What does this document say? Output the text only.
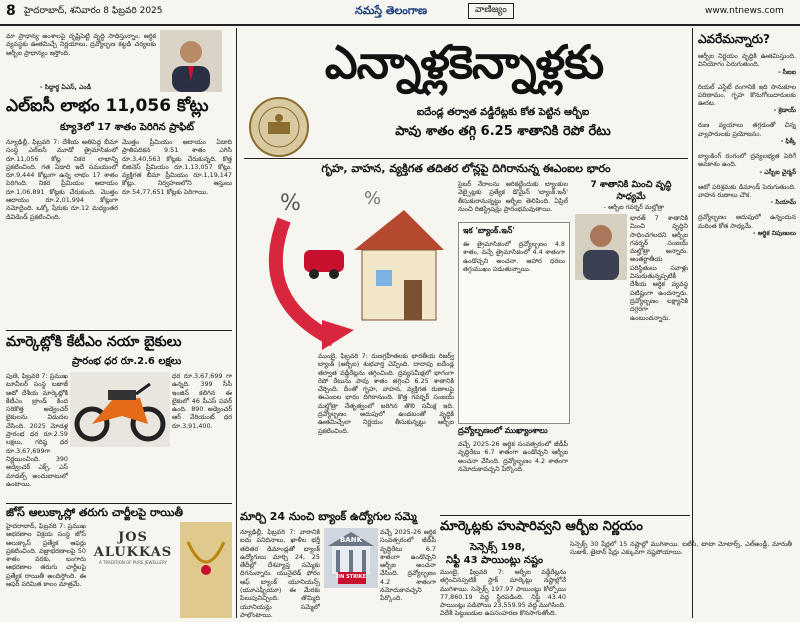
8 హైదరాబాద్, శనివారం 8 ఫిబ్రవరి 2025	నమస్తే తెలంగాణ	వాణిజ్యం	www.ntnews.com
మా ప్రాధాన్య అంశాలపై దృష్టిపెట్టి వృద్ధి సాధిస్తున్నాం. ఆర్థిక వ్యవస్థకు ఊతమిచ్చే నిర్ణయాలు, ద్రవ్యోల్బణ కట్టడి చర్యలకు ఆర్బీఐ ప్రాధాన్యం ఇస్తోంది.
- సిద్ధార్థ ఏఎస్, ఎండీ
ఎల్ఐసీ లాభం 11,056 కోట్లు
క్యూ3లో 17 శాతం పెరిగిన ప్రాఫిట్
న్యూఢిల్లీ, ఫిబ్రవరి 7: దేశీయ అతిపెద్ద బీమా సంస్థ ఎల్ఐసీ మూడో త్రైమాసికంలో రూ.11,056 కోట్ల నికర లాభాన్ని ప్రకటించింది. గత ఏడాది ఇదే సమయంలో రూ.9,444 కోట్లుగా ఉన్న లాభం 17 శాతం పెరిగింది. నికర ప్రీమియం ఆదాయం రూ.1,06,891 కోట్లకు చేరుకుంది. మొత్తం ఆదాయం రూ.2,01,994 కోట్లుగా నమోదైంది. ఒక్కో షేరుకు రూ.12 మధ్యంతర డివిడెండ్ ప్రకటించింది.
మొత్తం ప్రీమియం ఆదాయం ఏడాది ప్రాతిపదికన 9.51 శాతం ఎగిసి రూ.3,40,563 కోట్లకు చేరుకున్నది. కొత్త బిజినెస్ ప్రీమియం రూ.1,13,057 కోట్లు. వ్యక్తిగత బీమా ప్రీమియం రూ.1,19,147 కోట్లు. నిర్వహణలోని ఆస్తులు రూ.54,77,651 కోట్లకు పెరిగాయి.
మార్కెట్లోకి కేటీఎం నయా బైకులు
ప్రారంభ ధర రూ.2.6 లక్షలు
పుణె, ఫిబ్రవరి 7: ప్రముఖ టూవీలర్ సంస్థ బజాజ్ ఆటో దేశీయ మార్కెట్లోకి కేటీఎం బ్రాండ్ కింద సరికొత్త అడ్వెంచర్ బైకులను విడుదల చేసింది. 2025 మోడళ్ల ప్రారంభ ధర రూ.2.59 లక్షలు, గరిష్ఠ ధర రూ.3,67,699గా నిర్ణయించింది. 390 అడ్వెంచర్ ఎక్స్, ఎస్ మాడల్స్ అందుబాటులో ఉంటాయి.
ధర రూ.3,67,699 గా ఉన్నది. 399 సీసీ ఇంజిన్ కలిగిన ఈ బైకులో 46 పీఎస్ పవర్ ఉంది. 890 అడ్వెంచర్ ఆర్ వేరియంట్ ధర రూ.3,91,400.
జోస్ ఆలుక్కాస్లో తరుగు చార్జీలపై రాయితీ
హైదరాబాద్, ఫిబ్రవరి 7: ప్రముఖ ఆభరణాల విక్రయ సంస్థ జోస్ ఆలుక్కాస్ ప్రత్యేక ఆఫర్లు ప్రకటించింది. వజ్రాభరణాలపై 50 శాతం వరకు, బంగారు ఆభరణాల తరుగు చార్జీలపై ప్రత్యేక రాయితీ అందిస్తోంది. ఈ ఆఫర్ పరిమిత కాలం మాత్రమే.
JOS ALUKKAS
A TRADITION OF PURE JEWELLERY
ఎన్నాళ్లకెన్నాళ్లకు
ఐదేండ్ల తర్వాత వడ్డీరేట్లకు కోత పెట్టిన ఆర్బీఐ
పావు శాతం తగ్గి 6.25 శాతానికి రెపో రేటు
గృహ, వాహన, వ్యక్తిగత తదితర లోన్లపై దిగిరానున్న ఈఎంఐల భారం
%	%
సైబర్ నేరాలను అరికట్టేందుకు బ్యాంకుల వెబ్సైట్లకు ప్రత్యేక డొమైన్ 'బ్యాంక్.ఇన్' తీసుకురానున్నట్టు ఆర్బీఐ తెలిపింది. ఏప్రిల్ నుంచి రిజిస్ట్రేషన్లు ప్రారంభమవుతాయి.
ఇక 'బ్యాంక్.ఇన్'
ఈ త్రైమాసికంలో ద్రవ్యోల్బణం 4.8 శాతం, వచ్చే త్రైమాసికంలో 4.4 శాతంగా ఉండొచ్చని అంచనా. ఆహార ధరలు తగ్గుముఖం పడుతున్నాయి.
ముంబై, ఫిబ్రవరి 7: రుణగ్రహీతలకు భారతీయ రిజర్వ్ బ్యాంక్ (ఆర్బీఐ) శుభవార్త చెప్పింది. దాదాపు ఐదేండ్ల తర్వాత వడ్డీరేట్లను తగ్గించింది. ద్రవ్యసమీక్షలో భాగంగా రెపో రేటును పావు శాతం తగ్గించి 6.25 శాతానికి చేర్చింది. దీంతో గృహ, వాహన, వ్యక్తిగత రుణాలపై ఈఎంఐల భారం దిగిరానుంది. కొత్త గవర్నర్ సంజయ్ మల్హోత్రా నేతృత్వంలో జరిగిన తొలి సమీక్ష ఇది. ద్రవ్యోల్బణం అదుపులో ఉండటంతో వృద్ధికి ఊతమిచ్చేలా నిర్ణయం తీసుకున్నట్టు ఆర్బీఐ ప్రకటించింది.	ద్రవ్యోల్బణంలో ముఖ్యాంశాలు
వచ్చే 2025-26 ఆర్థిక సంవత్సరంలో జీడీపీ వృద్ధిరేటు 6.7 శాతంగా ఉండొచ్చని ఆర్బీఐ అంచనా వేసింది. ద్రవ్యోల్బణం 4.2 శాతంగా నమోదుకావచ్చని పేర్కొంది.
7 శాతానికి మించి వృద్ధి సాధ్యమే
- ఆర్బీఐ గవర్నర్ మల్హోత్రా
భారత్ 7 శాతానికి మించి వృద్ధిని సాధించగలదని ఆర్బీఐ గవర్నర్ సంజయ్ మల్హోత్రా అన్నారు. అంతర్జాతీయ పరిస్థితులు సవాళ్లు విసురుతున్నప్పటికీ దేశీయ ఆర్థిక వ్యవస్థ పటిష్టంగా ఉందన్నారు. ద్రవ్యోల్బణం లక్ష్యానికి దగ్గరగా ఉంటుందన్నారు.
ఎవరేమన్నారు?
ఆర్బీఐ నిర్ణయం వృద్ధికి ఊతమిస్తుంది. వినియోగం పెరుగుతుంది.
- సీఐఐ
రియల్ ఎస్టేట్ రంగానికి ఇది సానుకూల పరిణామం. గృహ కొనుగోలుదారులకు ఊరట.
- క్రెడాయ్
రుణ వ్యయాలు తగ్గడంతో చిన్న వ్యాపారులకు ప్రయోజనం.
- ఫిక్కీ
బ్యాంకింగ్ రంగంలో ద్రవ్యలభ్యత పెరిగే అవకాశం ఉంది.
- ఎస్బీఐ చైర్మన్
ఆటో పరిశ్రమకు డిమాండ్ పెరుగుతుంది. వాహన రుణాలు చౌక.
- సియామ్
ద్రవ్యోల్బణం అదుపులో ఉన్నందున మరింత కోత సాధ్యమే.
- ఆర్థిక నిపుణులు
మార్చి 24 నుంచి బ్యాంక్ ఉద్యోగుల సమ్మె
న్యూఢిల్లీ, ఫిబ్రవరి 7: వారానికి ఐదు పనిదినాలు, ఖాళీల భర్తీ తదితర డిమాండ్లతో బ్యాంక్ ఉద్యోగులు మార్చి 24, 25 తేదీల్లో దేశవ్యాప్త సమ్మెకు దిగనున్నారు. యునైటెడ్ ఫోరం ఆఫ్ బ్యాంక్ యూనియన్స్ (యూఎఫ్బీయూ) ఈ మేరకు పిలుపునిచ్చింది. తొమ్మిది యూనియన్లు సమ్మెలో పాల్గొంటాయి.
BANK
ON STRIKE
వచ్చే 2025-26 ఆర్థిక సంవత్సరంలో జీడీపీ వృద్ధిరేటు 6.7 శాతంగా ఉండొచ్చని ఆర్బీఐ అంచనా వేసింది. ద్రవ్యోల్బణం 4.2 శాతంగా నమోదుకావచ్చని పేర్కొంది.
మార్కెట్లకు హుషారివ్వని ఆర్బీఐ నిర్ణయం
సెన్సెక్స్ 198,
నిఫ్టీ 43 పాయింట్లు నష్టం
ముంబై, ఫిబ్రవరి 7: ఆర్బీఐ వడ్డీరేట్లను తగ్గించినప్పటికీ స్టాక్ మార్కెట్లు నష్టాల్లోనే ముగిశాయి. సెన్సెక్స్ 197.97 పాయింట్లు కోల్పోయి 77,860.19 వద్ద స్థిరపడింది. నిఫ్టీ 43.40 పాయింట్లు పడిపోయి 23,559.95 వద్ద ముగిసింది. విదేశీ పెట్టుబడుల ఉపసంహరణ కొనసాగుతోంది.
సెన్సెక్స్ 30 షేర్లలో 15 నష్టాల్లో ముగిశాయి. ఐటీసీ, టాటా మోటార్స్, ఎల్అండ్టీ, మారుతీ సుజుకీ, టైటాన్ షేర్లు ఎక్కువగా నష్టపోయాయి.
